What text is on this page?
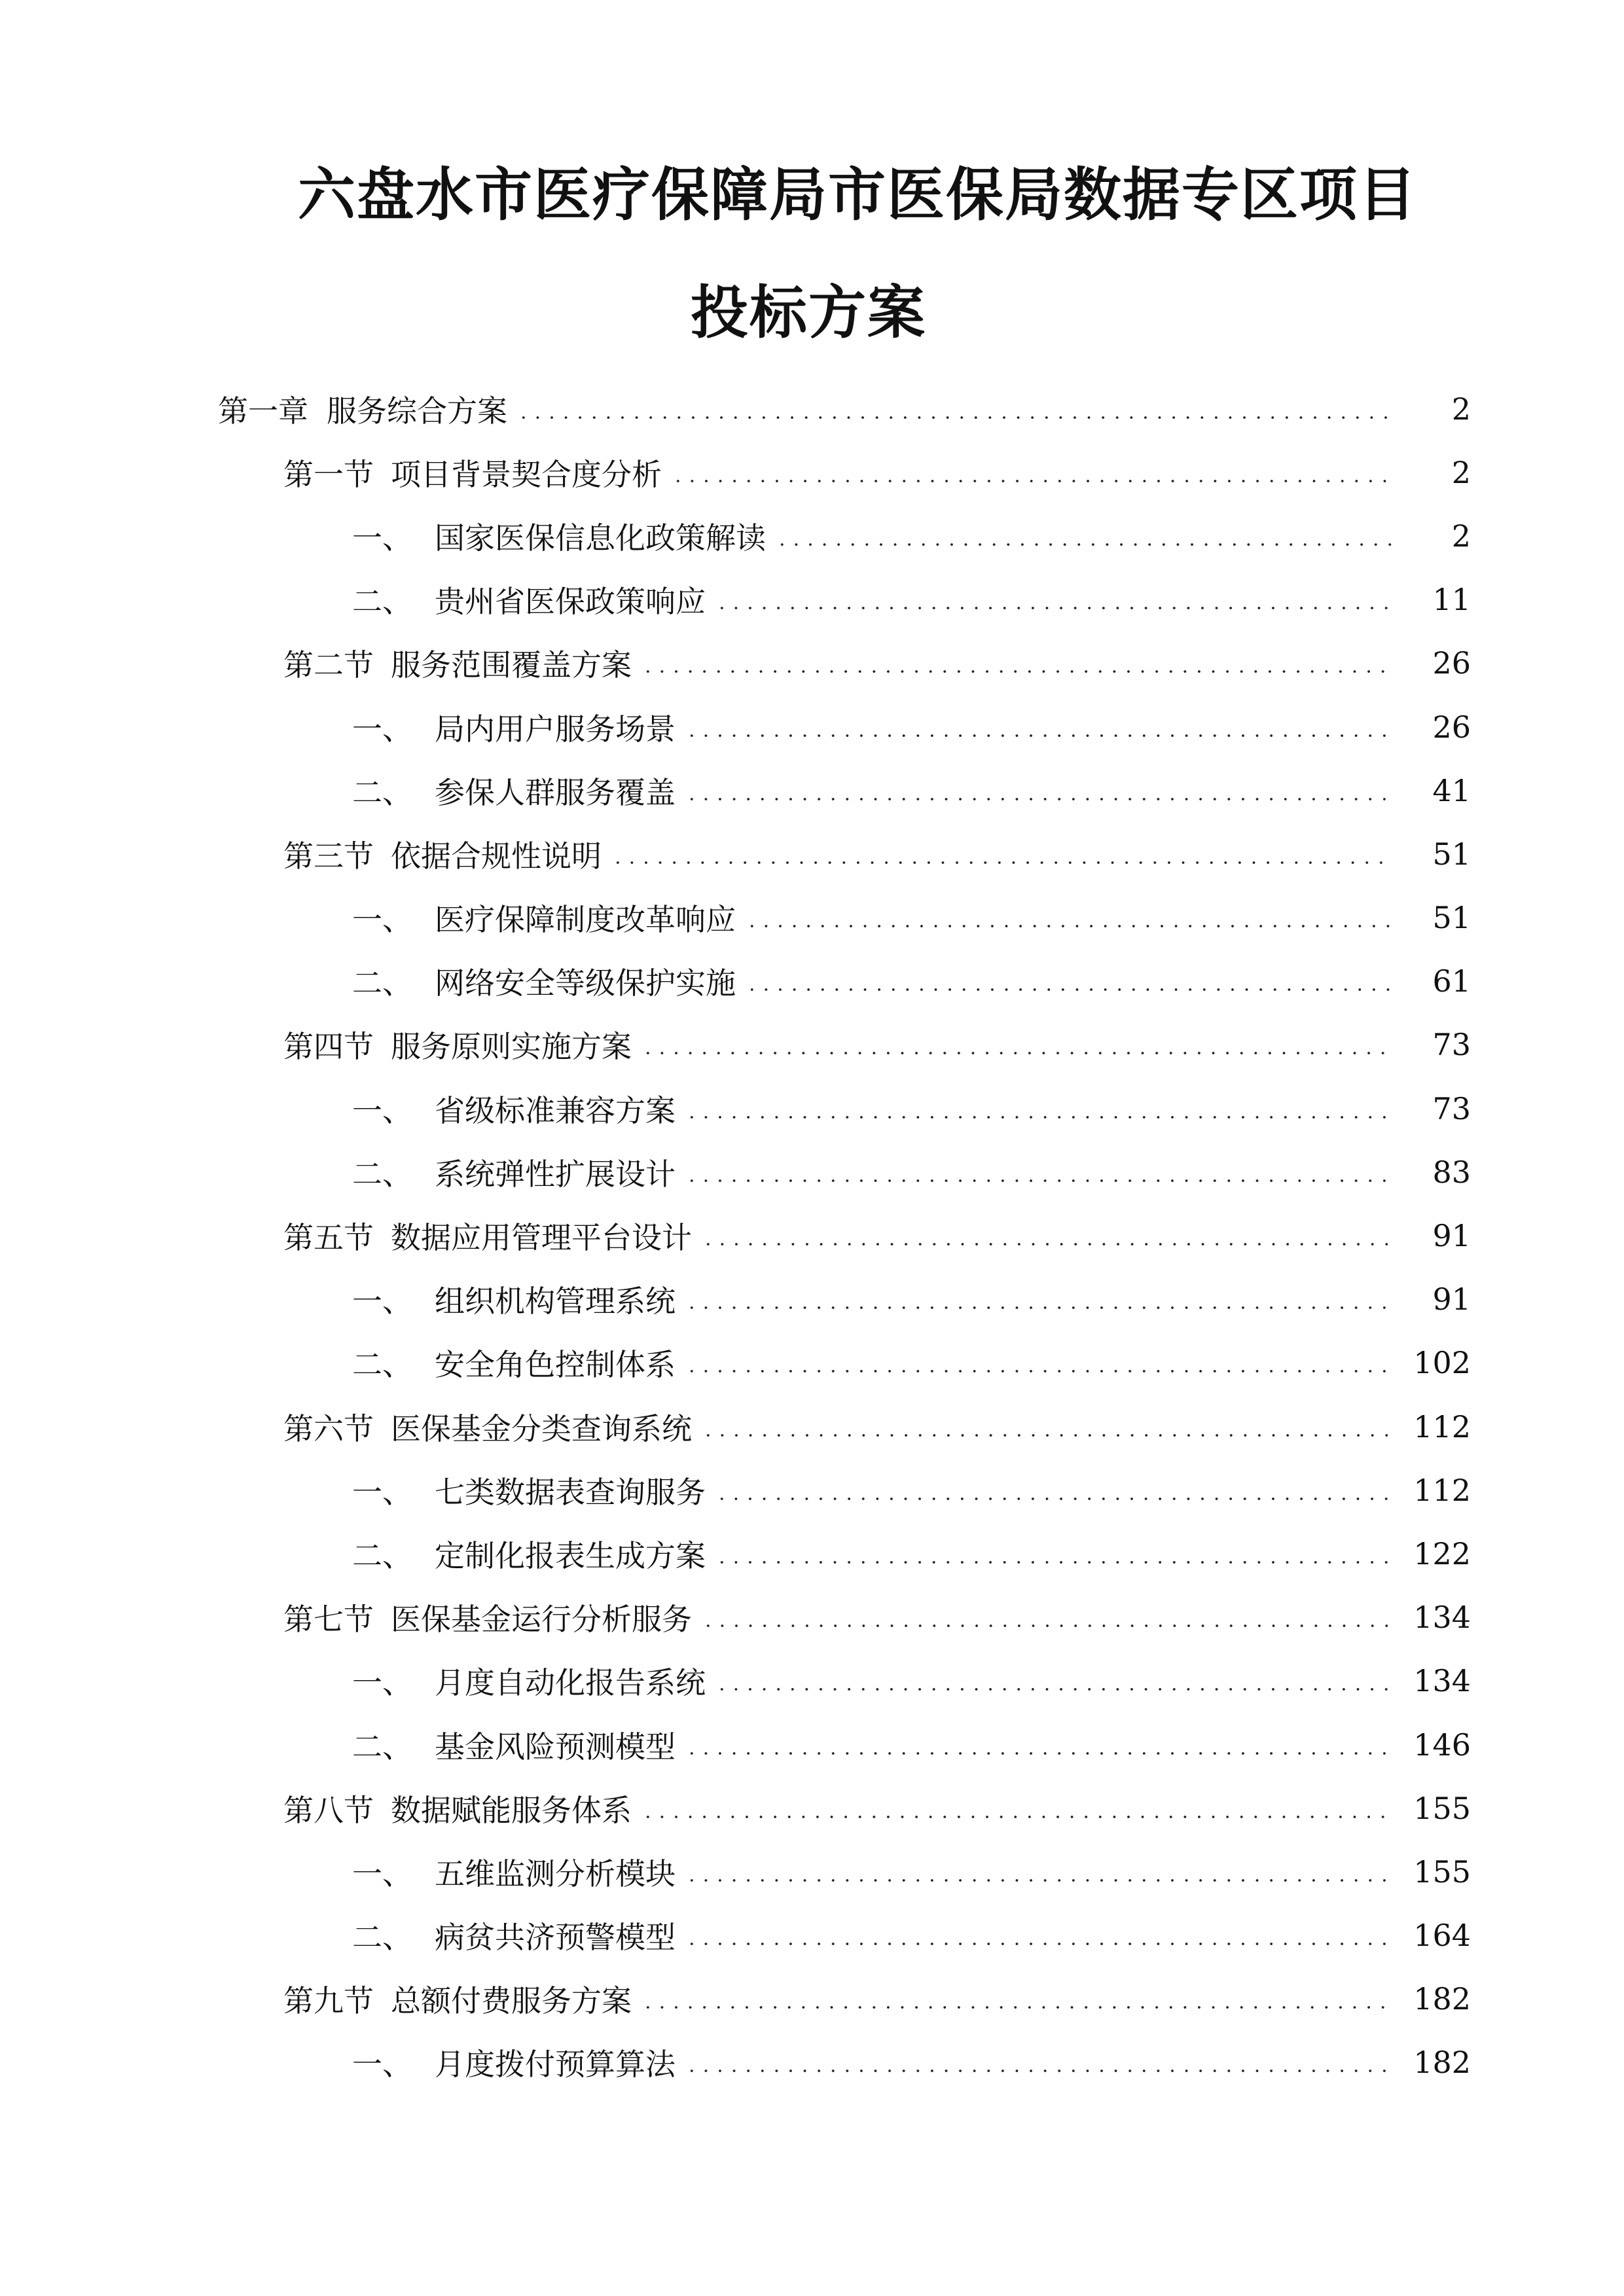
六盘水市医疗保障局市医保局数据专区项目
投标方案
第一章 服务综合方案	2
第一节 项目背景契合度分析	2
一、 国家医保信息化政策解读	2
二、 贵州省医保政策响应	11
第二节 服务范围覆盖方案	26
一、 局内用户服务场景	26
二、 参保人群服务覆盖	41
第三节 依据合规性说明	51
一、 医疗保障制度改革响应	51
二、 网络安全等级保护实施	61
第四节 服务原则实施方案	73
一、 省级标准兼容方案	73
二、 系统弹性扩展设计	83
第五节 数据应用管理平台设计	91
一、 组织机构管理系统	91
二、 安全角色控制体系	102
第六节 医保基金分类查询系统	112
一、 七类数据表查询服务	112
二、 定制化报表生成方案	122
第七节 医保基金运行分析服务	134
一、 月度自动化报告系统	134
二、 基金风险预测模型	146
第八节 数据赋能服务体系	155
一、 五维监测分析模块	155
二、 病贫共济预警模型	164
第九节 总额付费服务方案	182
一、 月度拨付预算算法	182
